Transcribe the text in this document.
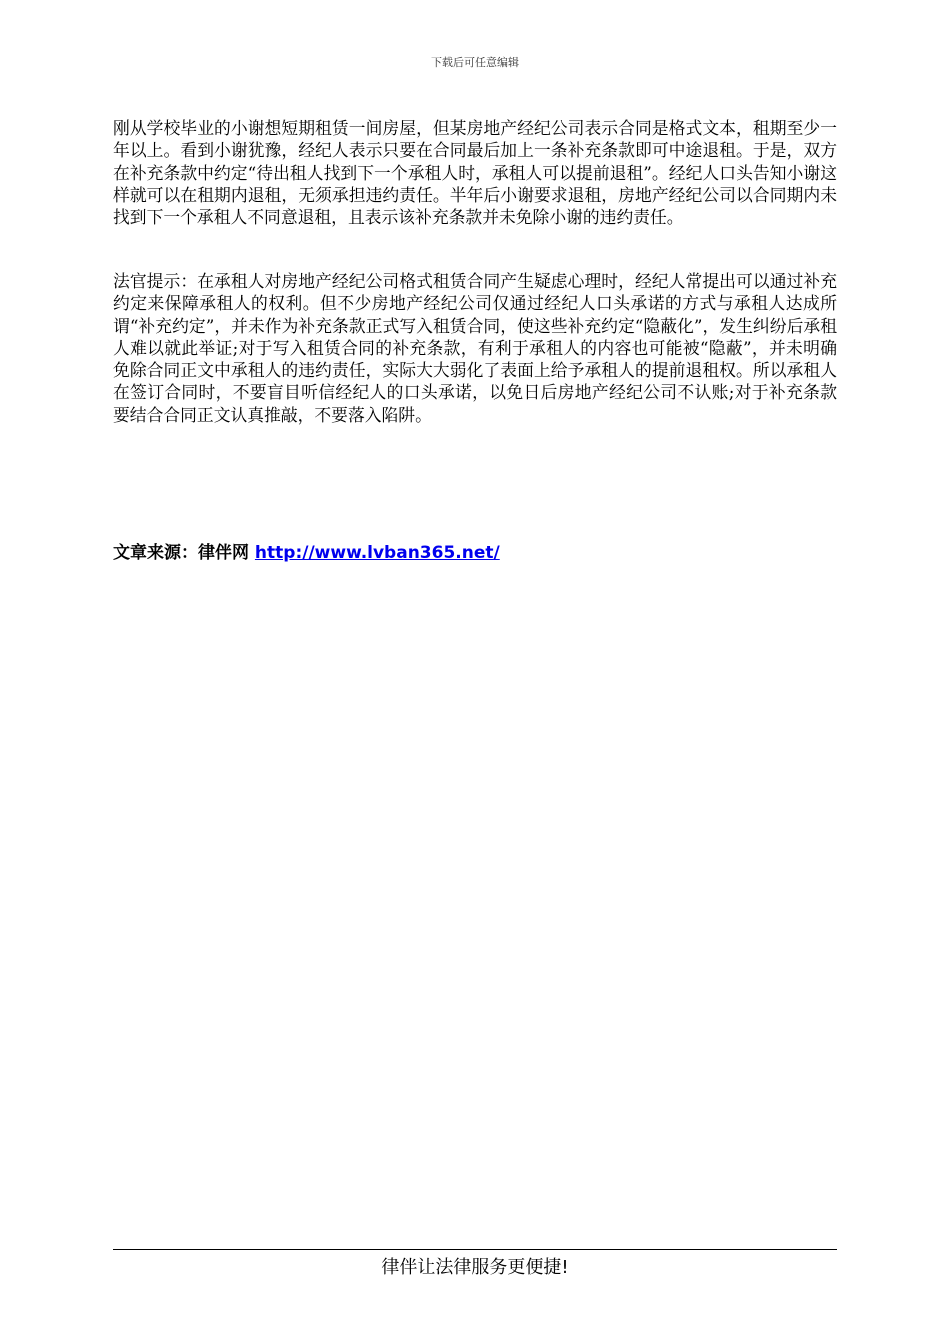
下载后可任意编辑
刚从学校毕业的小谢想短期租赁一间房屋，但某房地产经纪公司表示合同是格式文本，租期至少一年以上。看到小谢犹豫，经纪人表示只要在合同最后加上一条补充条款即可中途退租。于是，双方在补充条款中约定“待出租人找到下一个承租人时，承租人可以提前退租”。经纪人口头告知小谢这样就可以在租期内退租，无须承担违约责任。半年后小谢要求退租，房地产经纪公司以合同期内未找到下一个承租人不同意退租，且表示该补充条款并未免除小谢的违约责任。
法官提示：在承租人对房地产经纪公司格式租赁合同产生疑虑心理时，经纪人常提出可以通过补充约定来保障承租人的权利。但不少房地产经纪公司仅通过经纪人口头承诺的方式与承租人达成所谓“补充约定”，并未作为补充条款正式写入租赁合同，使这些补充约定“隐蔽化”，发生纠纷后承租人难以就此举证;对于写入租赁合同的补充条款，有利于承租人的内容也可能被“隐蔽”，并未明确免除合同正文中承租人的违约责任，实际大大弱化了表面上给予承租人的提前退租权。所以承租人在签订合同时，不要盲目听信经纪人的口头承诺，以免日后房地产经纪公司不认账;对于补充条款要结合合同正文认真推敲，不要落入陷阱。
文章来源：律伴网 http://www.lvban365.net/
律伴让法律服务更便捷!
